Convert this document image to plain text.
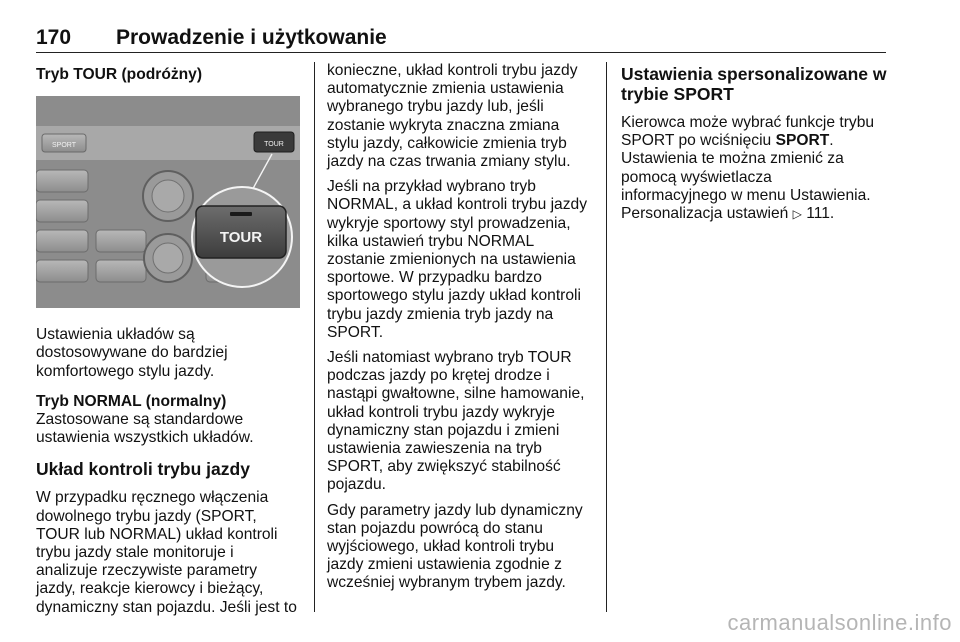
170 Prowadzenie i użytkowanie

Tryb TOUR (podróżny)

SPORT	TOUR
TOUR

Ustawienia układów są
dostosowywane do bardziej
komfortowego stylu jazdy.

Tryb NORMAL (normalny)

Zastosowane są standardowe
ustawienia wszystkich układów.

Układ kontroli trybu jazdy

W przypadku ręcznego włączenia
dowolnego trybu jazdy (SPORT,
TOUR lub NORMAL) układ kontroli
trybu jazdy stale monitoruje i
analizuje rzeczywiste parametry
jazdy, reakcje kierowcy i bieżący,
dynamiczny stan pojazdu. Jeśli jest to

konieczne, układ kontroli trybu jazdy
automatycznie zmienia ustawienia
wybranego trybu jazdy lub, jeśli
zostanie wykryta znaczna zmiana
stylu jazdy, całkowicie zmienia tryb
jazdy na czas trwania zmiany stylu.

Jeśli na przykład wybrano tryb
NORMAL, a układ kontroli trybu jazdy
wykryje sportowy styl prowadzenia,
kilka ustawień trybu NORMAL
zostanie zmienionych na ustawienia
sportowe. W przypadku bardzo
sportowego stylu jazdy układ kontroli
trybu jazdy zmienia tryb jazdy na
SPORT.

Jeśli natomiast wybrano tryb TOUR
podczas jazdy po krętej drodze i
nastąpi gwałtowne, silne hamowanie,
układ kontroli trybu jazdy wykryje
dynamiczny stan pojazdu i zmieni
ustawienia zawieszenia na tryb
SPORT, aby zwiększyć stabilność
pojazdu.

Gdy parametry jazdy lub dynamiczny
stan pojazdu powrócą do stanu
wyjściowego, układ kontroli trybu
jazdy zmieni ustawienia zgodnie z
wcześniej wybranym trybem jazdy.

Ustawienia spersonalizowane w
trybie SPORT

Kierowca może wybrać funkcje trybu
SPORT po wciśnięciu SPORT.
Ustawienia te można zmienić za
pomocą wyświetlacza
informacyjnego w menu Ustawienia.
Personalizacja ustawień ▷ 111.

carmanualsonline.info
